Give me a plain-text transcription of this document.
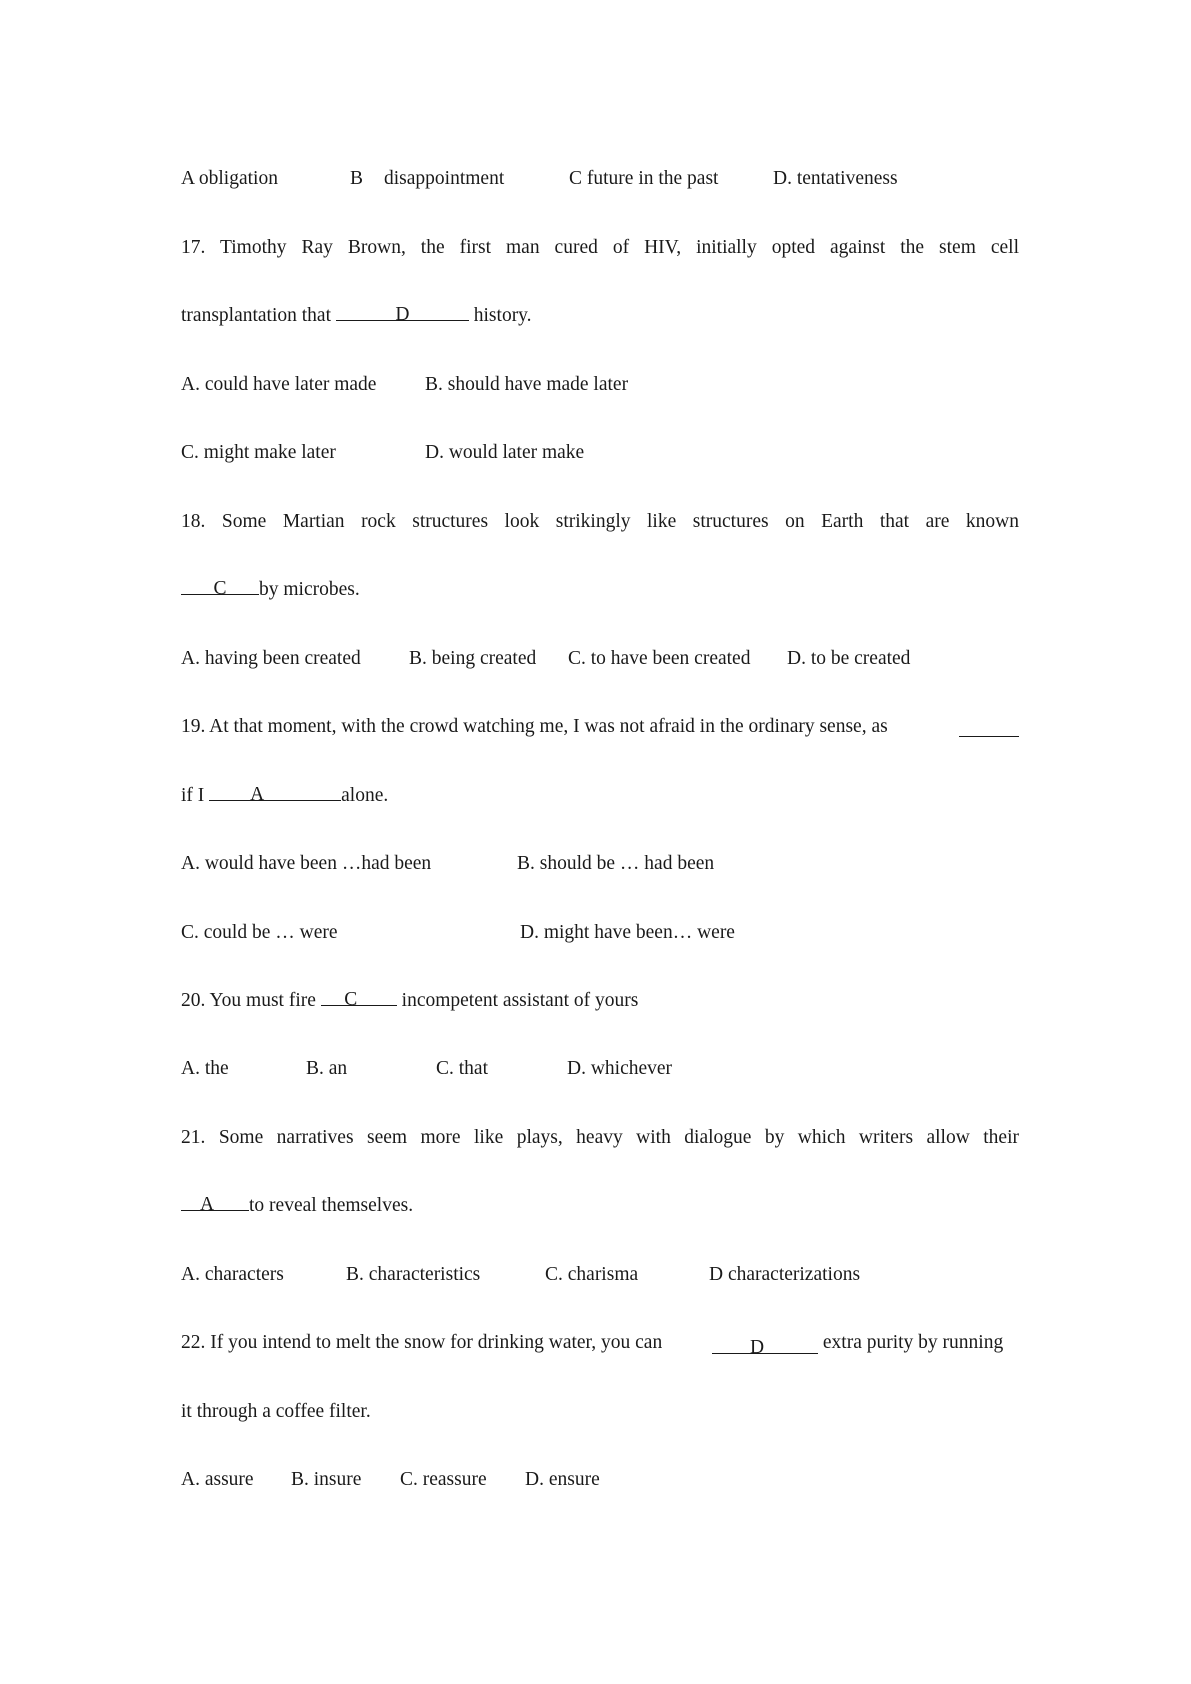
A obligation	B disappointment	C future in the past	D. tentativeness
17. Timothy Ray Brown, the first man cured of HIV, initially opted against the stem cell
transplantation that	D	history.
A. could have later made B. should have made later
C. might make later	D. would later make
18. Some Martian rock structures look strikingly like structures on Earth that are known
C by microbes.
A. having been created B. being created C. to have been created D. to be created
19. At that moment, with the crowd watching me, I was not afraid in the ordinary sense, as
if I A	alone.
A. would have been …had been	B. should be … had been
C. could be … were	D. might have been… were
20. You must fire C incompetent assistant of yours
A. the	B. an	C. that	D. whichever
21. Some narratives seem more like plays, heavy with dialogue by which writers allow their
A to reveal themselves.
A. characters	B. characteristics	C. charisma	D characterizations
22. If you intend to melt the snow for drinking water, you can	D	extra purity by running
it through a coffee filter.
A. assure B. insure C. reassure D. ensure
